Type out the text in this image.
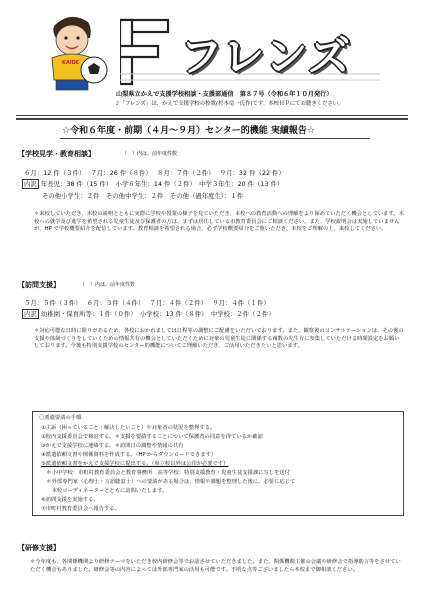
KAIDE フレンズ
山梨県立かえで支援学校相談・支援部通信　第８７号（令和６年１０月発行）
♪「フレンズ」は、かえで支援学校の校歌(杉本竜一氏作)です。本校ＨＰにてお聴きください。
☆令和６年度・前期（４月〜９月）センター的機能 実績報告☆
【学校見学・教育相談】	（　）内は、前年度件数
６月：12 件（３件）　 ７月：26 件（８件）　 ８月：７件（２件）　 ９月：32 件（22 件）
内訳 年長児：38 件（15 件）　小学６年生：14 件（２件）　中学３年生：20 件（13 件）
その他小学生：２件　その他中学生：２件　その他（過年度生）：１件
＊来校していただき、本校の説明とともに実際に学校や授業の様子を見ていただき、本校への教育活動への理解をより深めていただく機会としています。本校への就学及び進学を希望される児童生徒及び保護者の方は、まずは居住している市教育委員会にご相談ください。また、学校説明会は実施していませんが、HP で学校概要紹介を配信しています。教育相談を希望される場合、必ず学校概要紹介をご覧いただき、本校をご理解の上、来校してください。
【訪問支援】	（　）内は、前年度件数
５月：５件（３件）　 ６月：３件（４件）　 ７月：４件（２件）　 ９月：４件（１件）
内訳 幼稚園・保育所等：１件（０件）　小学校：13 件（８件）　中学校：２件（２件）
＊対応可能な日時に限りがあるため、各校におかれましては日程等の調整にご配慮をいただいております。また、観察後のコンサルテーションは、その後の支援や体制づくりをしていくための情報共有の機会としていただくために対象の児童生徒に関係する複数の先生方に参集していただける時間設定をお願いしております。今後も特別支援学校のセンター的機能についてご理解いただき、ご活用いただきたいと思います。
〇派遣要請の手順
①主訴（困っていること・解決したいこと）や対象者の状況を整理する。
②校内支援委員会で検討する。＊支援を要請することについて保護者の同意を得ているか確認
③かえで支援学校に連絡する。＊訪問日の調整や情報の共有
④派遣依頼文書や関係資料を作成する。（HP からダウンロードできます）
⑤派遣依頼文書をかえで支援学校に提出する。（県立校以外は公印が必要です）
　＊小中学校：市町村教育委員会と教育事務所　高等学校：特別支援教育・児童生徒支援課に写しを送付
　＊外部専門家（心理士・言語聴覚士）への要請がある場合は、情報や課題を整理した後に、必要に応じて
　　本校コーディネーターとともに訪問いたします。
⑥訪問支援を実施する。
⑦市町村教育委員会へ報告する。
【研修支援】
＊今年度も、各関係機関より研修テーマをいただき校内研修会等でお話させていただきました。また、関係機関主催の会議や研修会で指導助言等をさせていただく機会もありました。研修会等の内容によっては外部専門家の活用も可能です。不明な点等ございましたら本校まで御相談ください。
